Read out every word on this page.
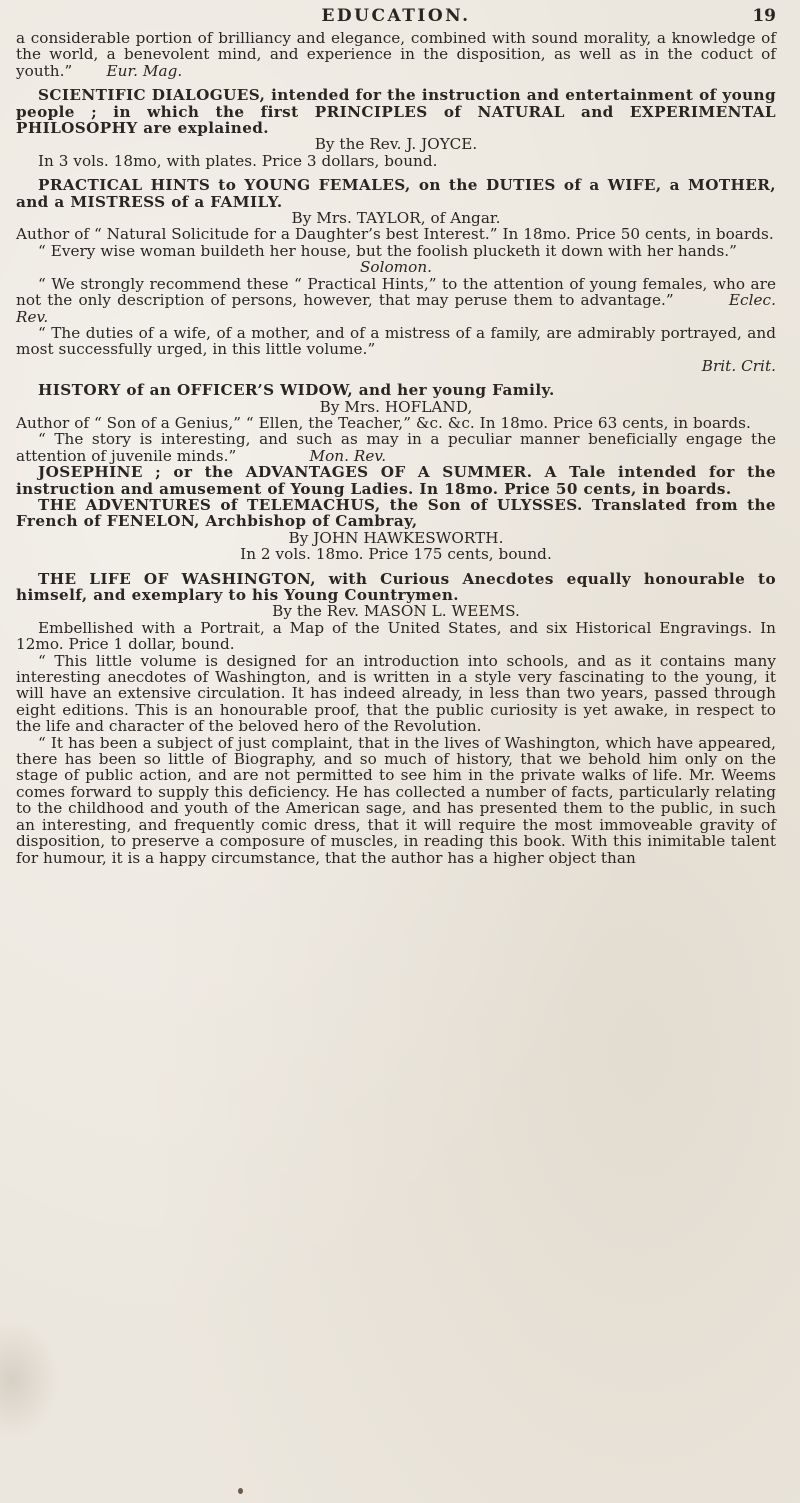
EDUCATION.	19

a considerable portion of brilliancy and elegance, combined with sound morality, a knowledge of the world, a benevolent mind, and experience in the disposition, as well as in the coduct of youth.” Eur. Mag.

SCIENTIFIC DIALOGUES, intended for the instruction and entertainment of young people ; in which the first PRINCIPLES of NATURAL and EXPERIMENTAL PHILOSOPHY are explained.

By the Rev. J. JOYCE.

In 3 vols. 18mo, with plates. Price 3 dollars, bound.

PRACTICAL HINTS to YOUNG FEMALES, on the DUTIES of a WIFE, a MOTHER, and a MISTRESS of a FAMILY.

By Mrs. TAYLOR, of Angar.

Author of “ Natural Solicitude for a Daughter’s best Interest.” In 18mo. Price 50 cents, in boards.

“ Every wise woman buildeth her house, but the foolish plucketh it down with her hands.”

Solomon.

“ We strongly recommend these “ Practical Hints,” to the attention of young females, who are not the only description of persons, however, that may peruse them to advantage.”	Eclec. Rev.

“ The duties of a wife, of a mother, and of a mistress of a family, are admirably portrayed, and most successfully urged, in this little volume.”

Brit. Crit.

HISTORY of an OFFICER’S WIDOW, and her young Family.

By Mrs. HOFLAND,

Author of “ Son of a Genius,” “ Ellen, the Teacher,” &c. &c. In 18mo. Price 63 cents, in boards.

“ The story is interesting, and such as may in a peculiar manner beneficially engage the attention of juvenile minds.”	Mon. Rev.

JOSEPHINE ; or the ADVANTAGES OF A SUMMER. A Tale intended for the instruction and amusement of Young Ladies. In 18mo. Price 50 cents, in boards.

THE ADVENTURES of TELEMACHUS, the Son of ULYSSES. Translated from the French of FENELON, Archbishop of Cambray,

By JOHN HAWKESWORTH.

In 2 vols. 18mo. Price 175 cents, bound.

THE LIFE OF WASHINGTON, with Curious Anecdotes equally honourable to himself, and exemplary to his Young Countrymen.

By the Rev. MASON L. WEEMS.

Embellished with a Portrait, a Map of the United States, and six Historical Engravings. In 12mo. Price 1 dollar, bound.

“ This little volume is designed for an introduction into schools, and as it contains many interesting anecdotes of Washington, and is written in a style very fascinating to the young, it will have an extensive circulation. It has indeed already, in less than two years, passed through eight editions. This is an honourable proof, that the public curiosity is yet awake, in respect to the life and character of the beloved hero of the Revolution.

“ It has been a subject of just complaint, that in the lives of Washington, which have appeared, there has been so little of Biography, and so much of history, that we behold him only on the stage of public action, and are not permitted to see him in the private walks of life. Mr. Weems comes forward to supply this deficiency. He has collected a number of facts, particularly relating to the childhood and youth of the American sage, and has presented them to the public, in such an interesting, and frequently comic dress, that it will require the most immoveable gravity of disposition, to preserve a composure of muscles, in reading this book. With this inimitable talent for humour, it is a happy circumstance, that the author has a higher object than
